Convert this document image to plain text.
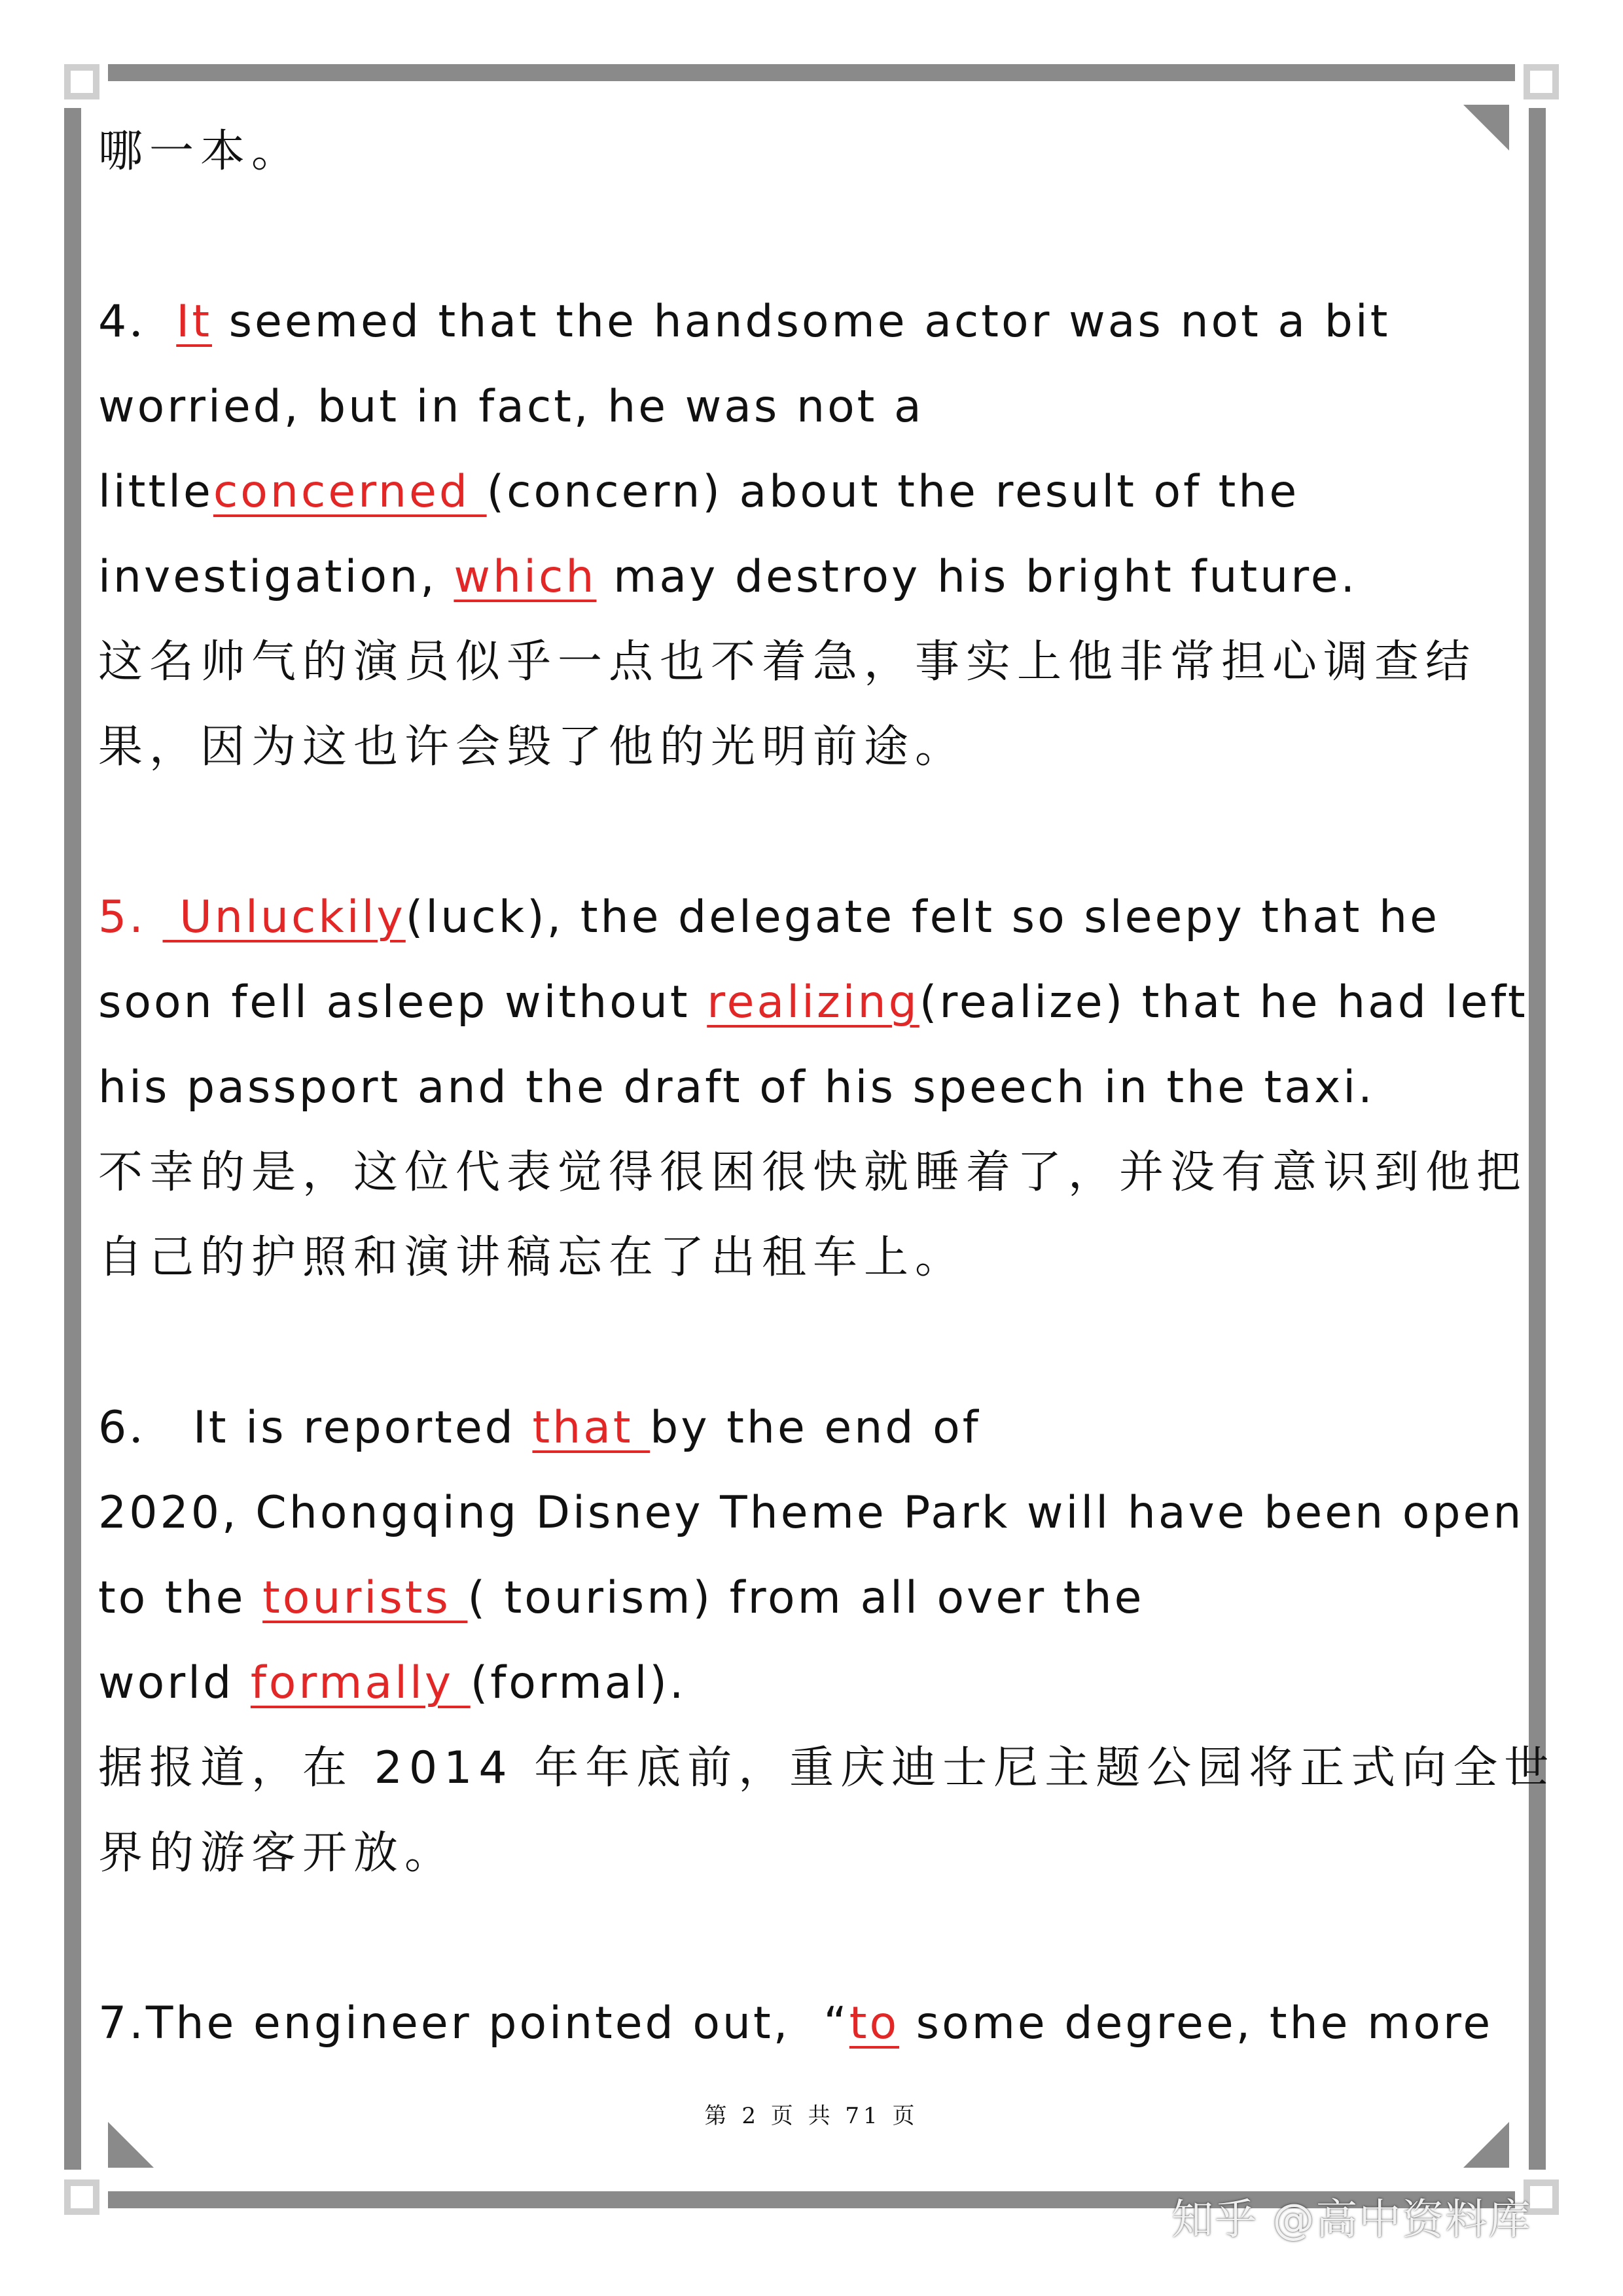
哪一本。
4．It seemed that the handsome actor was not a bit
worried, but in fact, he was not a
littleconcerned (concern) about the result of the
investigation, which may destroy his bright future.
这名帅气的演员似乎一点也不着急，事实上他非常担心调查结
果，因为这也许会毁了他的光明前途。
5.  Unluckily(luck), the delegate felt so sleepy that he
soon fell asleep without realizing(realize) that he had left
his passport and the draft of his speech in the taxi.
不幸的是，这位代表觉得很困很快就睡着了，并没有意识到他把
自己的护照和演讲稿忘在了出租车上。
6． It is reported that by the end of
2020, Chongqing Disney Theme Park will have been open
to the tourists ( tourism) from all over the
world formally (formal).
据报道，在 2014 年年底前，重庆迪士尼主题公园将正式向全世
界的游客开放。
7.The engineer pointed out,  “to some degree, the more
第 2 页 共 71 页
知乎 @高中资料库
